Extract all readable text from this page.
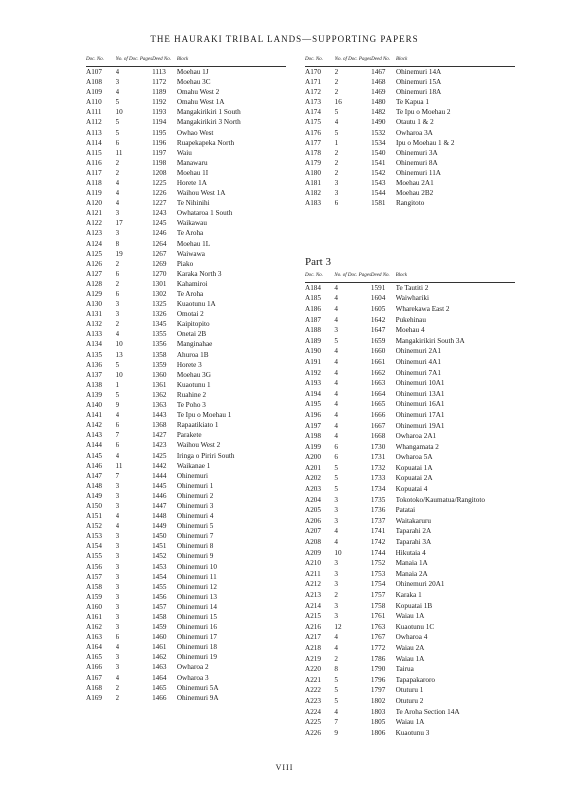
THE HAURAKI TRIBAL LANDS—SUPPORTING PAPERS
Doc. No.	No. of Doc. Pages	Deed No.	Block
A107	4	1113	Moehau 1J
A108	3	1172	Moehau 3C
A109	4	1189	Omahu West 2
A110	5	1192	Omahu West 1A
A111	10	1193	Mangakirikiri 1 South
A112	5	1194	Mangakirikiri 3 North
A113	5	1195	Owhao West
A114	6	1196	Ruapekapeka North
A115	11	1197	Waiu
A116	2	1198	Manawaru
A117	2	1208	Moehau 1I
A118	4	1225	Horete 1A
A119	4	1226	Waihou West 1A
A120	4	1227	Te Nihinihi
A121	3	1243	Owhataroa 1 South
A122	17	1245	Waikawau
A123	3	1246	Te Aroha
A124	8	1264	Moehau 1L
A125	19	1267	Waiwawa
A126	2	1269	Piako
A127	6	1270	Karaka North 3
A128	2	1301	Kahamiroi
A129	6	1302	Te Aroha
A130	3	1325	Kuaotunu 1A
A131	3	1326	Omotai 2
A132	2	1345	Kaipitopito
A133	4	1355	Onetai 2B
A134	10	1356	Manginahae
A135	13	1358	Ahuroa 1B
A136	5	1359	Horete 3
A137	10	1360	Moehau 3G
A138	1	1361	Kuaotunu 1
A139	5	1362	Ruahine 2
A140	9	1363	Te Poho 3
A141	4	1443	Te Ipu o Moehau 1
A142	6	1368	Rapaatikiato 1
A143	7	1427	Parakete
A144	6	1423	Waihou West 2
A145	4	1425	Iringa o Piriri South
A146	11	1442	Waikanae 1
A147	7	1444	Ohinemuri
A148	3	1445	Ohinemuri 1
A149	3	1446	Ohinemuri 2
A150	3	1447	Ohinemuri 3
A151	4	1448	Ohinemuri 4
A152	4	1449	Ohinemuri 5
A153	3	1450	Ohinemuri 7
A154	3	1451	Ohinemuri 8
A155	3	1452	Ohinemuri 9
A156	3	1453	Ohinemuri 10
A157	3	1454	Ohinemuri 11
A158	3	1455	Ohinemuri 12
A159	3	1456	Ohinemuri 13
A160	3	1457	Ohinemuri 14
A161	3	1458	Ohinemuri 15
A162	3	1459	Ohinemuri 16
A163	6	1460	Ohinemuri 17
A164	4	1461	Ohinemuri 18
A165	3	1462	Ohinemuri 19
A166	3	1463	Owharoa 2
A167	4	1464	Owharoa 3
A168	2	1465	Ohinemuri 5A
A169	2	1466	Ohinemuri 9A
Doc. No.	No. of Doc. Pages	Deed No.	Block
A170	2	1467	Ohinemuri 14A
A171	2	1468	Ohinemuri 15A
A172	2	1469	Ohinemuri 18A
A173	16	1480	Te Kapua 1
A174	5	1482	Te Ipu o Moehau 2
A175	4	1490	Otautu 1 & 2
A176	5	1532	Owharoa 3A
A177	1	1534	Ipu o Moehau 1 & 2
A178	2	1540	Ohinemuri 3A
A179	2	1541	Ohinemuri 8A
A180	2	1542	Ohinemuri 11A
A181	3	1543	Moehau 2A1
A182	3	1544	Moehau 2B2
A183	6	1581	Rangitoto
Part 3
Doc. No.	No. of Doc. Pages	Deed No.	Block
A184	4	1591	Te Tautiti 2
A185	4	1604	Waiwhariki
A186	4	1605	Wharekawa East 2
A187	4	1642	Pukehinau
A188	3	1647	Moehau 4
A189	5	1659	Mangakirikiri South 3A
A190	4	1660	Ohinemuri 2A1
A191	4	1661	Ohinemuri 4A1
A192	4	1662	Ohinemuri 7A1
A193	4	1663	Ohinemuri 10A1
A194	4	1664	Ohinemuri 13A1
A195	4	1665	Ohinemuri 16A1
A196	4	1666	Ohinemuri 17A1
A197	4	1667	Ohinemuri 19A1
A198	4	1668	Owharoa 2A1
A199	6	1730	Whangamata 2
A200	6	1731	Owharoa 5A
A201	5	1732	Kopuatai 1A
A202	5	1733	Kopuatai 2A
A203	5	1734	Kopuatai 4
A204	3	1735	Tokotoko/Kaumatua/Rangitoto
A205	3	1736	Patatai
A206	3	1737	Waitakaruru
A207	4	1741	Taparahi 2A
A208	4	1742	Taparahi 3A
A209	10	1744	Hikutaia 4
A210	3	1752	Manaia 1A
A211	3	1753	Manaia 2A
A212	3	1754	Ohinemuri 20A1
A213	2	1757	Karaka 1
A214	3	1758	Kopuatai 1B
A215	3	1761	Waiau 1A
A216	12	1763	Kuaotunu 1C
A217	4	1767	Owharoa 4
A218	4	1772	Waiau 2A
A219	2	1786	Waiau 1A
A220	8	1790	Tairua
A221	5	1796	Tapapakaroro
A222	5	1797	Otuturu 1
A223	5	1802	Otuturu 2
A224	4	1803	Te Aroha Section 14A
A225	7	1805	Waiau 1A
A226	9	1806	Kuaotunu 3
VIII
